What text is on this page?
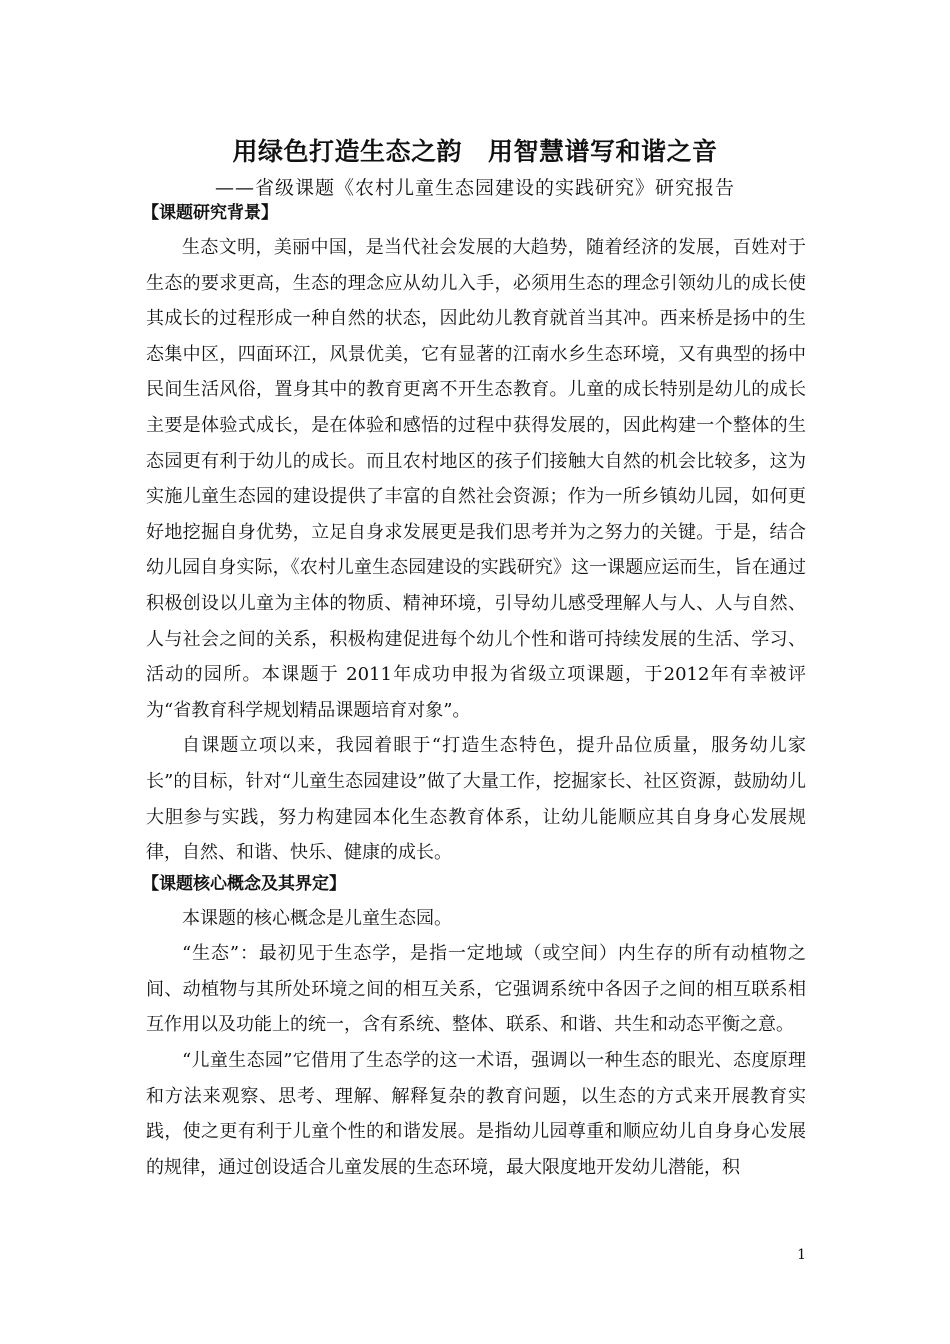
用绿色打造生态之韵 用智慧谱写和谐之音
——省级课题《农村儿童生态园建设的实践研究》研究报告
【课题研究背景】

生态文明，美丽中国，是当代社会发展的大趋势，随着经济的发展，百姓对于生态的要求更高，生态的理念应从幼儿入手，必须用生态的理念引领幼儿的成长使其成长的过程形成一种自然的状态，因此幼儿教育就首当其冲。西来桥是扬中的生态集中区，四面环江，风景优美，它有显著的江南水乡生态环境，又有典型的扬中民间生活风俗，置身其中的教育更离不开生态教育。儿童的成长特别是幼儿的成长主要是体验式成长，是在体验和感悟的过程中获得发展的，因此构建一个整体的生态园更有利于幼儿的成长。而且农村地区的孩子们接触大自然的机会比较多，这为实施儿童生态园的建设提供了丰富的自然社会资源；作为一所乡镇幼儿园，如何更好地挖掘自身优势，立足自身求发展更是我们思考并为之努力的关键。于是，结合幼儿园自身实际，《农村儿童生态园建设的实践研究》这一课题应运而生，旨在通过积极创设以儿童为主体的物质、精神环境，引导幼儿感受理解人与人、人与自然、人与社会之间的关系，积极构建促进每个幼儿个性和谐可持续发展的生活、学习、活动的园所。本课题于 2011年成功申报为省级立项课题，于2012年有幸被评为“省教育科学规划精品课题培育对象”。

自课题立项以来，我园着眼于“打造生态特色，提升品位质量，服务幼儿家长”的目标，针对“儿童生态园建设”做了大量工作，挖掘家长、社区资源，鼓励幼儿大胆参与实践，努力构建园本化生态教育体系，让幼儿能顺应其自身身心发展规律，自然、和谐、快乐、健康的成长。

【课题核心概念及其界定】

本课题的核心概念是儿童生态园。

“生态”：最初见于生态学，是指一定地域（或空间）内生存的所有动植物之间、动植物与其所处环境之间的相互关系，它强调系统中各因子之间的相互联系相互作用以及功能上的统一，含有系统、整体、联系、和谐、共生和动态平衡之意。

“儿童生态园”它借用了生态学的这一术语，强调以一种生态的眼光、态度原理和方法来观察、思考、理解、解释复杂的教育问题，以生态的方式来开展教育实践，使之更有利于儿童个性的和谐发展。是指幼儿园尊重和顺应幼儿自身身心发展的规律，通过创设适合儿童发展的生态环境，最大限度地开发幼儿潜能，积

1
